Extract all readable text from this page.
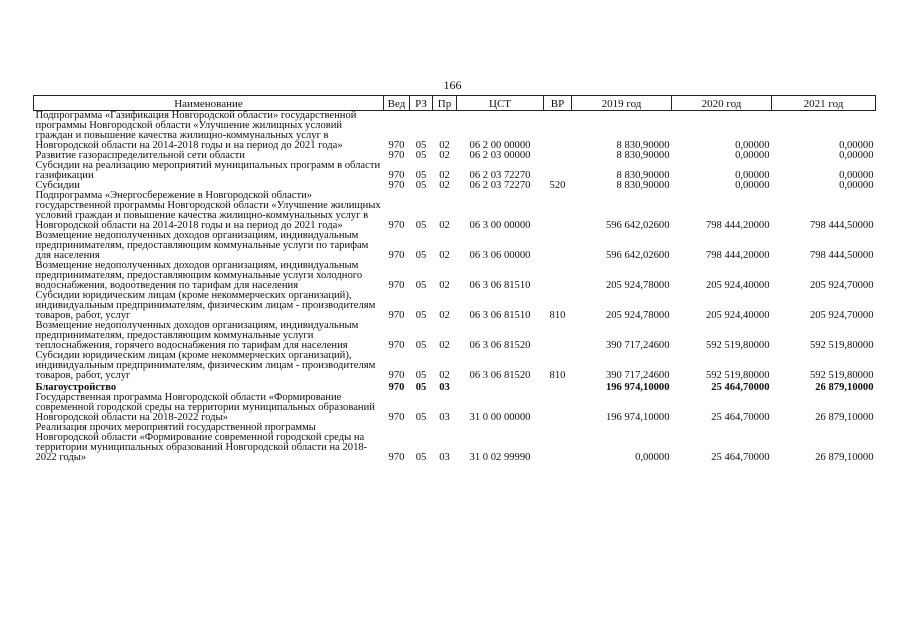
166
Наименование	Вед	РЗ	Пр	ЦСТ	ВР	2019 год	2020 год	2021 год
Подпрограмма «Газификация Новгородской области» государственной программы Новгородской области «Улучшение жилищных условий граждан и повышение качества жилищно-коммунальных услуг в Новгородской области на 2014-2018 годы и на период до 2021 года»	970	05	02	06 2 00 00000		8 830,90000	0,00000	0,00000
Развитие газораспределительной сети области	970	05	02	06 2 03 00000		8 830,90000	0,00000	0,00000
Субсидии на реализацию мероприятий муниципальных программ в области газификации	970	05	02	06 2 03 72270		8 830,90000	0,00000	0,00000
Субсидии	970	05	02	06 2 03 72270	520	8 830,90000	0,00000	0,00000
Подпрограмма «Энергосбережение в Новгородской области» государственной программы Новгородской области «Улучшение жилищных условий граждан и повышение качества жилищно-коммунальных услуг в Новгородской области на 2014-2018 годы и на период до 2021 года»	970	05	02	06 3 00 00000		596 642,02600	798 444,20000	798 444,50000
Возмещение недополученных доходов организациям, индивидуальным предпринимателям, предоставляющим коммунальные услуги по тарифам для населения	970	05	02	06 3 06 00000		596 642,02600	798 444,20000	798 444,50000
Возмещение недополученных доходов организациям, индивидуальным предпринимателям, предоставляющим коммунальные услуги холодного водоснабжения, водоотведения по тарифам для населения	970	05	02	06 3 06 81510		205 924,78000	205 924,40000	205 924,70000
Субсидии юридическим лицам (кроме некоммерческих организаций), индивидуальным предпринимателям, физическим лицам - производителям товаров, работ, услуг	970	05	02	06 3 06 81510	810	205 924,78000	205 924,40000	205 924,70000
Возмещение недополученных доходов организациям, индивидуальным предпринимателям, предоставляющим коммунальные услуги теплоснабжения, горячего водоснабжения по тарифам для населения	970	05	02	06 3 06 81520		390 717,24600	592 519,80000	592 519,80000
Субсидии юридическим лицам (кроме некоммерческих организаций), индивидуальным предпринимателям, физическим лицам - производителям товаров, работ, услуг	970	05	02	06 3 06 81520	810	390 717,24600	592 519,80000	592 519,80000
Благоустройство	970	05	03			196 974,10000	25 464,70000	26 879,10000
Государственная программа Новгородской области «Формирование современной городской среды на территории муниципальных образований Новгородской области на 2018-2022 годы»	970	05	03	31 0 00 00000		196 974,10000	25 464,70000	26 879,10000
Реализация прочих мероприятий государственной программы Новгородской области «Формирование современной городской среды на территории муниципальных образований Новгородской области на 2018-2022 годы»	970	05	03	31 0 02 99990		0,00000	25 464,70000	26 879,10000
